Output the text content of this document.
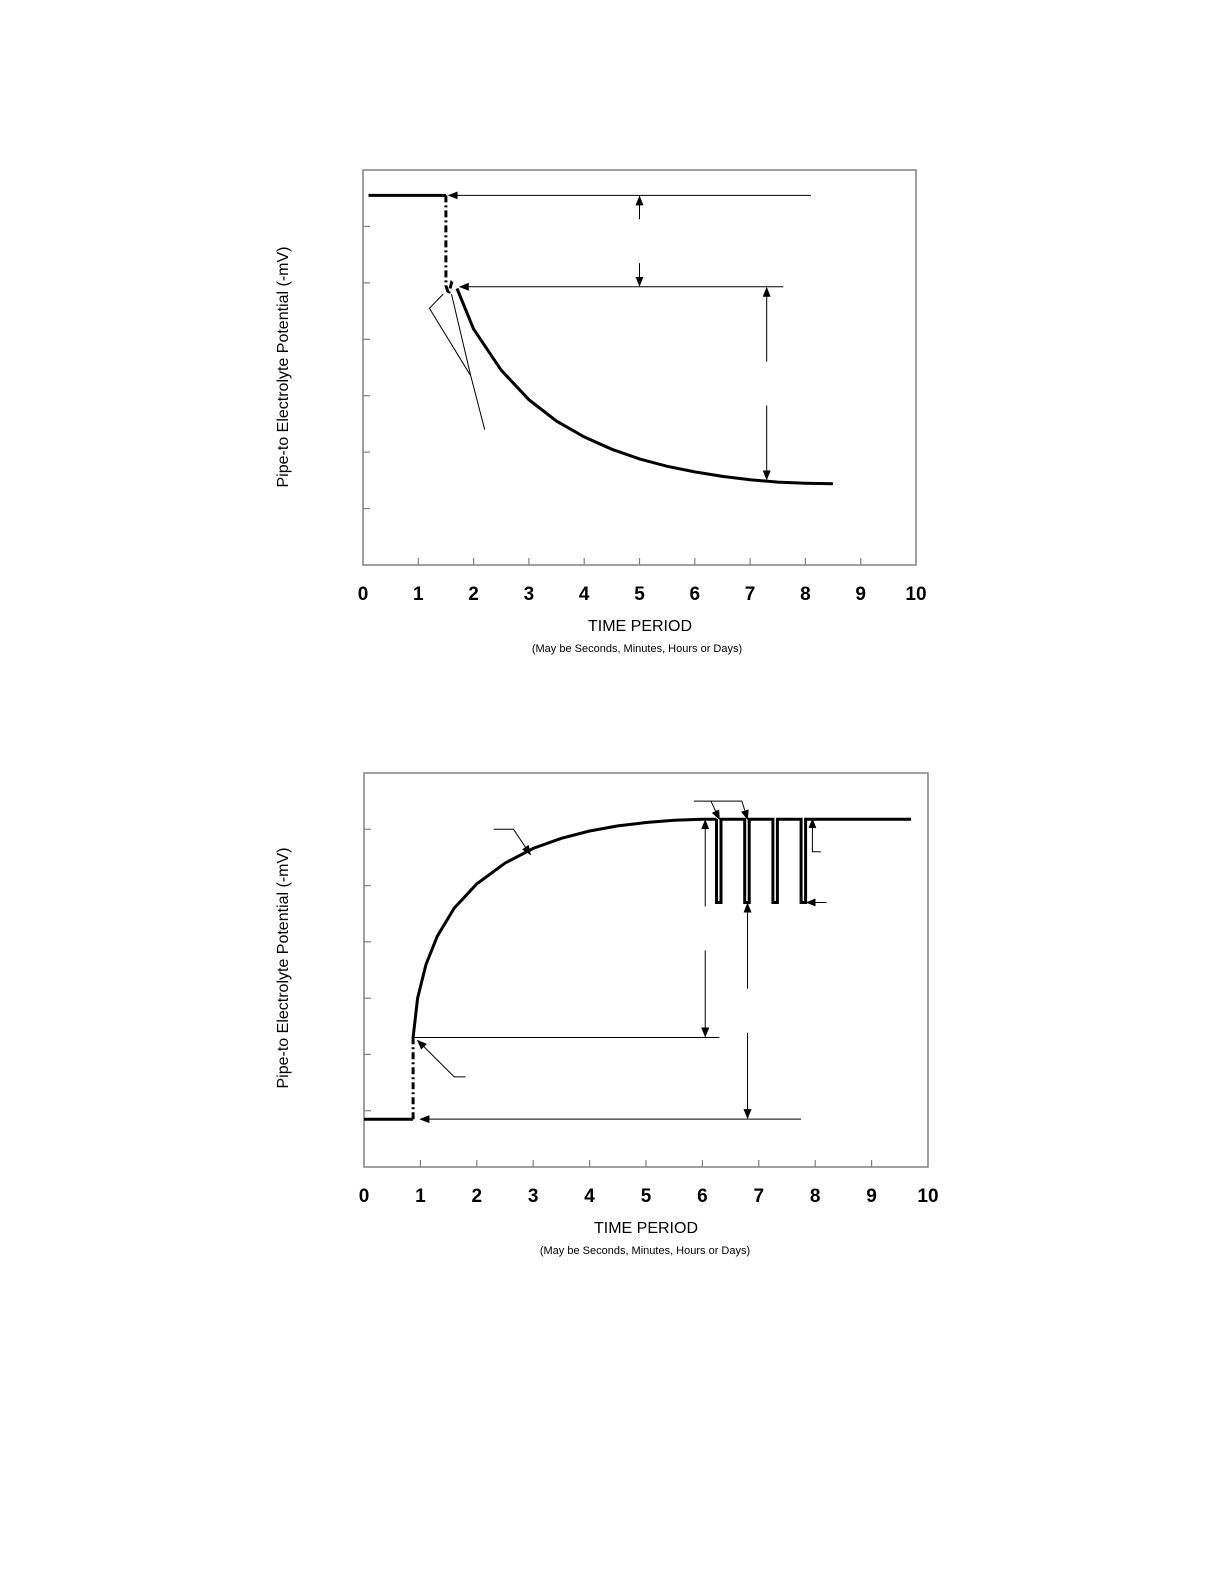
0 1 2 3 4 5 6 7 8 9 10
TIME PERIOD
(May be Seconds, Minutes, Hours or Days)
Pipe-to Electrolyte Potential (-mV)
0 1 2 3 4 5 6 7 8 9 10
TIME PERIOD
(May be Seconds, Minutes, Hours or Days)
Pipe-to Electrolyte Potential (-mV)
